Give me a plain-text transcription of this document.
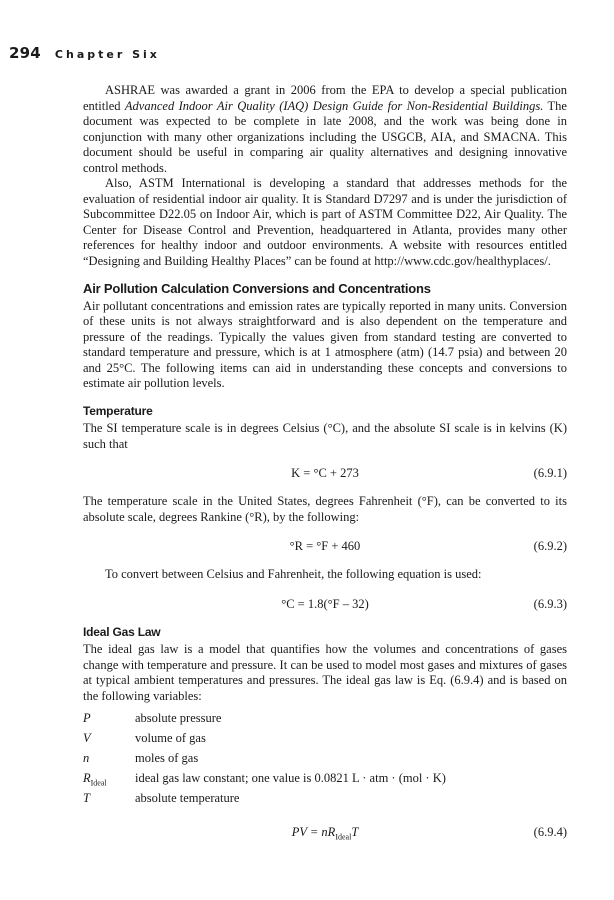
294 Chapter Six

ASHRAE was awarded a grant in 2006 from the EPA to develop a special publication entitled Advanced Indoor Air Quality (IAQ) Design Guide for Non-Residential Buildings. The document was expected to be complete in late 2008, and the work was being done in conjunction with many other organizations including the USGCB, AIA, and SMACNA. This document should be useful in comparing air quality alternatives and designing innovative control methods.

Also, ASTM International is developing a standard that addresses methods for the evaluation of residential indoor air quality. It is Standard D7297 and is under the jurisdiction of Subcommittee D22.05 on Indoor Air, which is part of ASTM Committee D22, Air Quality. The Center for Disease Control and Prevention, headquartered in Atlanta, provides many other references for healthy indoor and outdoor environments. A website with resources entitled “Designing and Building Healthy Places” can be found at http://www.cdc.gov/healthyplaces/.

Air Pollution Calculation Conversions and Concentrations

Air pollutant concentrations and emission rates are typically reported in many units. Conversion of these units is not always straightforward and is also dependent on the temperature and pressure of the readings. Typically the values given from standard testing are converted to standard temperature and pressure, which is at 1 atmosphere (atm) (14.7 psia) and between 20 and 25°C. The following items can aid in understanding these concepts and conversions to estimate air pollution levels.

Temperature

The SI temperature scale is in degrees Celsius (°C), and the absolute SI scale is in kelvins (K) such that

K = °C + 273	(6.9.1)

The temperature scale in the United States, degrees Fahrenheit (°F), can be converted to its absolute scale, degrees Rankine (°R), by the following:

°R = °F + 460	(6.9.2)

To convert between Celsius and Fahrenheit, the following equation is used:

°C = 1.8(°F – 32)	(6.9.3)
Ideal Gas Law

The ideal gas law is a model that quantifies how the volumes and concentrations of gases change with temperature and pressure. It can be used to model most gases and mixtures of gases at typical ambient temperatures and pressures. The ideal gas law is Eq. (6.9.4) and is based on the following variables:

P	absolute pressure
V	volume of gas
n	moles of gas
$R_{Ideal}$	ideal gas law constant; one value is 0.0821 L · atm · (mol · K)
T	absolute temperature
PV = $nR_{Ideal}T$	(6.9.4)
